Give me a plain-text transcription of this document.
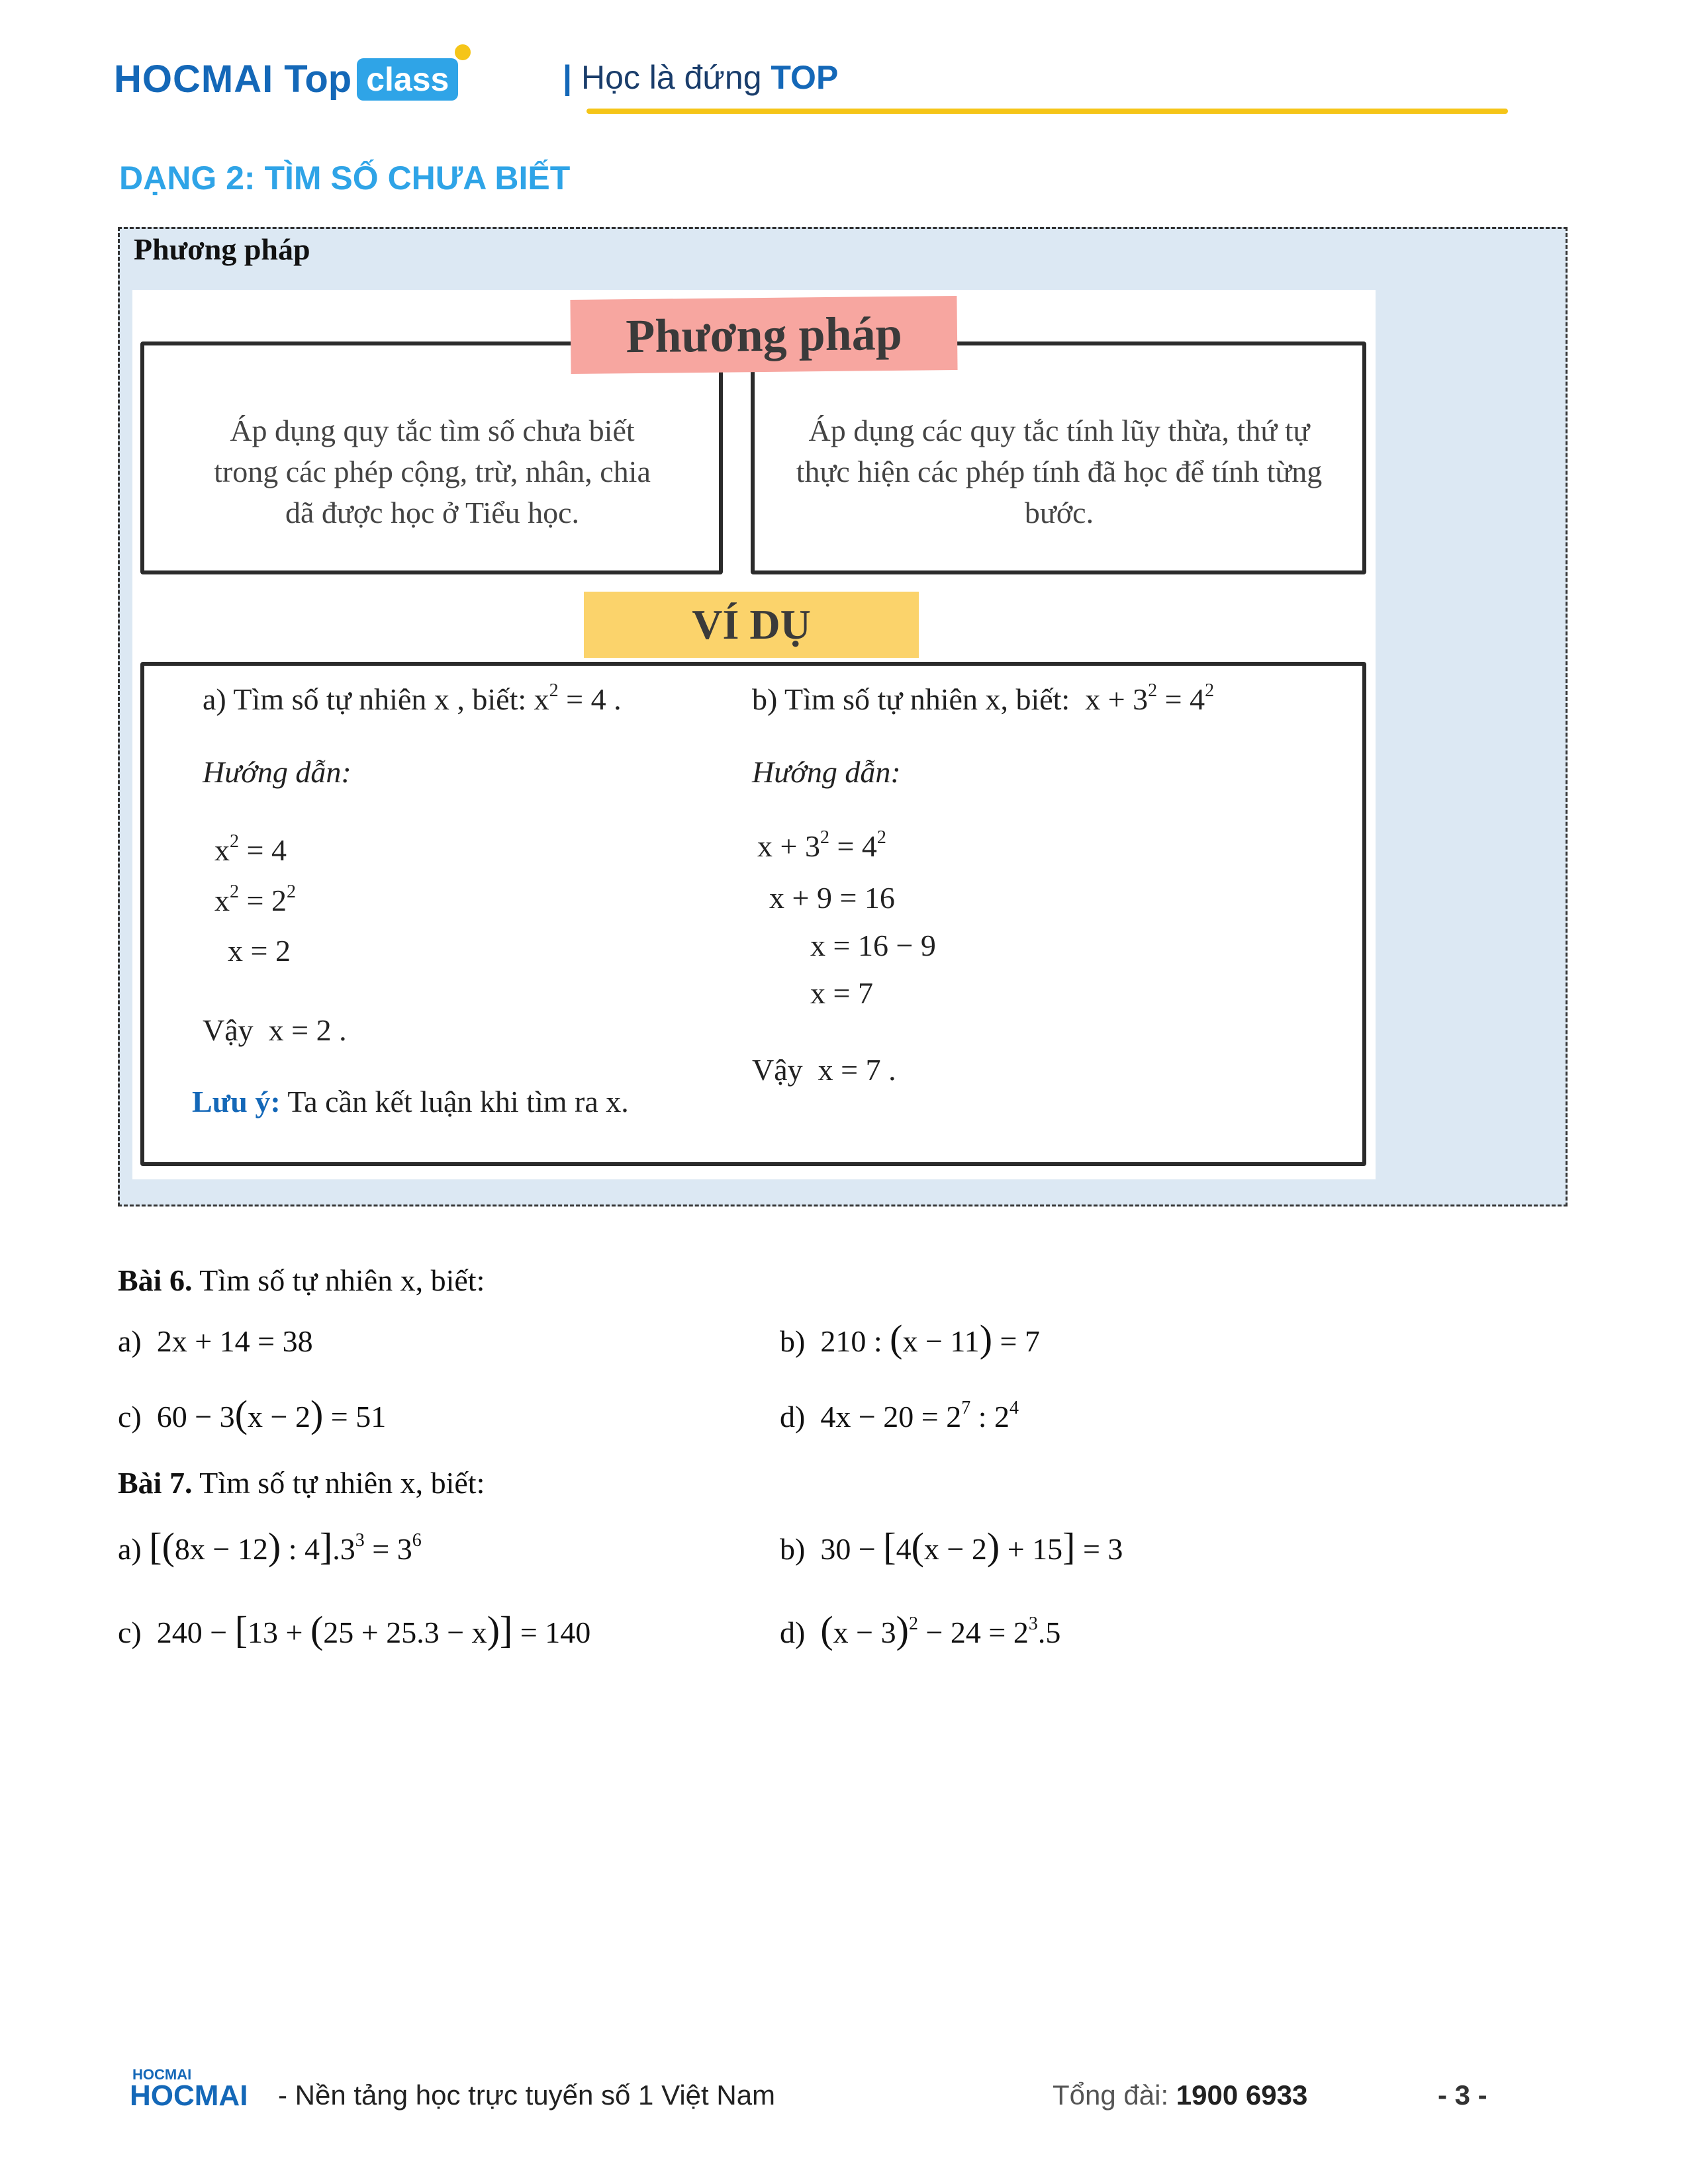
HOCMAI Top class	| Học là đứng TOP
DẠNG 2: TÌM SỐ CHƯA BIẾT
Phương pháp
Áp dụng quy tắc tìm số chưa biết
trong các phép cộng, trừ, nhân, chia
dã được học ở Tiểu học.
Áp dụng các quy tắc tính lũy thừa, thứ tự
thực hiện các phép tính đã học để tính từng
bước.
Phương pháp
VÍ DỤ
a) Tìm số tự nhiên x , biết: $x^2 = 4$ .
Hướng dẫn:
$x^2 = 4$
$x^2 = 2^2$
x = 2
Vậy  x = 2 .
Lưu ý: Ta cần kết luận khi tìm ra x.
b) Tìm số tự nhiên x, biết:  $x + 3^2 = 4^2$
Hướng dẫn:
$x + 3^2 = 4^2$
x + 9 = 16
x = 16 − 9
x = 7
Vậy  x = 7 .
Bài 6. Tìm số tự nhiên x, biết:
a)  2x + 14 = 38	b)  210 : (x − 11) = 7
c)  60 − 3(x − 2) = 51	d)  $4x - 20 = 2^7$ : $2^4$
Bài 7. Tìm số tự nhiên x, biết:
a) [(8x − 12) : $4].3^3 = 3^6$	b)  30 − [4(x − 2) + 15] = 3
c)  240 − [13 + (25 + 25.3 − x)] = 140	d)  $(x - 3)^2 - 24 = 2^3.5$
HOCMAI
HOCMAI - Nền tảng học trực tuyến số 1 Việt Nam	Tổng đài: 1900 6933	- 3 -
